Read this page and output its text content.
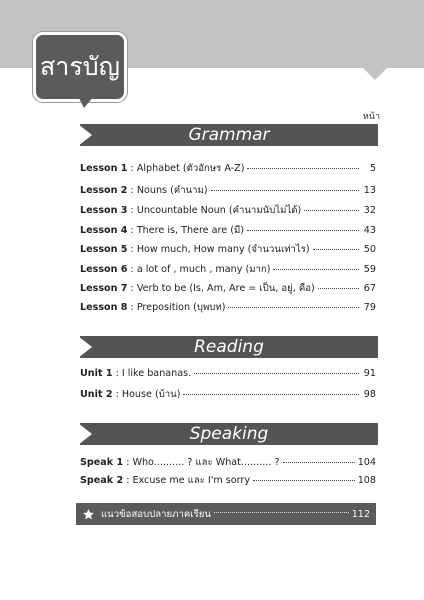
สารบัญ
หน้า
Grammar
Lesson 1 : Alphabet (ตัวอักษร A-Z)	5
Lesson 2 : Nouns (คำนาม)	13
Lesson 3 : Uncountable Noun (คำนามนับไม่ได้)	32
Lesson 4 : There is, There are (มี)	43
Lesson 5 : How much, How many (จำนวนเท่าไร)	50
Lesson 6 : a lot of , much , many (มาก)	59
Lesson 7 : Verb to be (Is, Am, Are = เป็น, อยู่, คือ)	67
Lesson 8 : Preposition (บุพบท)	79
Reading
Unit 1 : I like bananas.	91
Unit 2 : House (บ้าน)	98
Speaking
Speak 1 : Who.......... ? และ What.......... ?	104
Speak 2 : Excuse me และ I'm sorry	108
แนวข้อสอบปลายภาคเรียน	112
